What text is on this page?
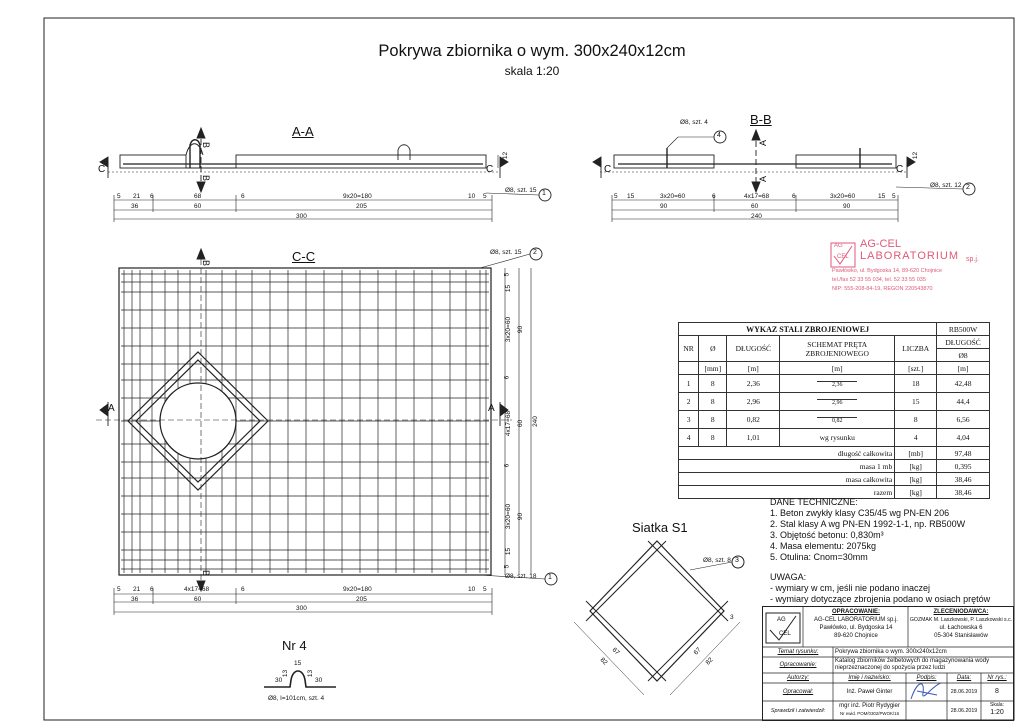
Pokrywa zbiornika o wym. 300x240x12cm
skala 1:20
A-A
B-B
C-C
Siatka S1
Nr 4
C	C
B
B
C	C
A
A
A	A
B
B
5 21 6	68	6	9x20=180	10 5
36	60	205
300
12
Ø8, szt. 15 1	5 15	3x20=60	6	4x17=68	6	3x20=60	15 5
90	60	90
240
12
Ø8, szt. 12 2
Ø8, szt. 4
4
5 21 6	4x17=68	6	9x20=180	10 5
36	60	205
300
5
15
3x20=60
6
4x17=68
6
3x20=60
15
5
90
60
90
240
Ø8, szt. 15 2
Ø8, szt. 18 1
Ø8, szt. 8 3
67
82
67
82
3
30
15
13	13
30
Ø8, l=101cm, szt. 4
AG
CEL
AG-CEL
LABORATORIUM sp.j.
Pawłówko, ul. Bydgoska 14, 89-620 Chojnice
tel./fax 52 33 55 034, tel. 52 33 55 035
NIP: 555-208-84-19, REGON 220543870
WYKAZ STALI ZBROJENIOWEJ					RB500W
NR	Ø	DŁUGOŚĆ	SCHEMAT PRĘTA ZBROJENIOWEGO	LICZBA	DŁUGOŚĆ
					Ø8
	[mm]	[m]	[m]	[szt.]	[m]
1	8	2,36	2,36	18	42,48
2	8	2,96	2,96	15	44,4
3	8	0,82	0,82	8	6,56
4	8	1,01	wg rysunku	4	4,04
długość całkowita				[mb]	97,48
masa 1 mb				[kg]	0,395
masa całkowita				[kg]	38,46
razem				[kg]	38,46
DANE TECHNICZNE:
1. Beton zwykły klasy C35/45 wg PN-EN 206
2. Stal klasy A wg PN-EN 1992-1-1, np. RB500W
3. Objętość betonu: 0,830m³
4. Masa elementu: 2075kg
5. Otulina: Cnom=30mm
UWAGA:
- wymiary w cm, jeśli nie podano inaczej
- wymiary dotyczące zbrojenia podano w osiach prętów
AG
CEL
OPRACOWANIE:
AG-CEL LABORATORIUM sp.j.
Pawłówko, ul. Bydgoska 14
89-620 Chojnice
ZLECENIODAWCA:
GOZMAK M. Laszkowski, P. Laszkowski s.c.
ul. Łachowska 6
05-304 Stanisławów
Temat rysunku:	Pokrywa zbiornika o wym. 300x240x12cm
Opracowanie:
Katalog zbiorników żelbetowych do magazynowania wody nieprzeznaczonej do spożycia przez ludzi
Autorzy:	Imię i nazwisko:	Podpis:	Data:	Nr rys.:
Opracował:	Inż. Paweł Ginter	28.06.2019	8
Sprawdził i zatwierdził:
mgr inż. Piotr Rydygier
Nr ewid. POM/0302/PWOK/16	28.06.2019
Skala:
1:20
